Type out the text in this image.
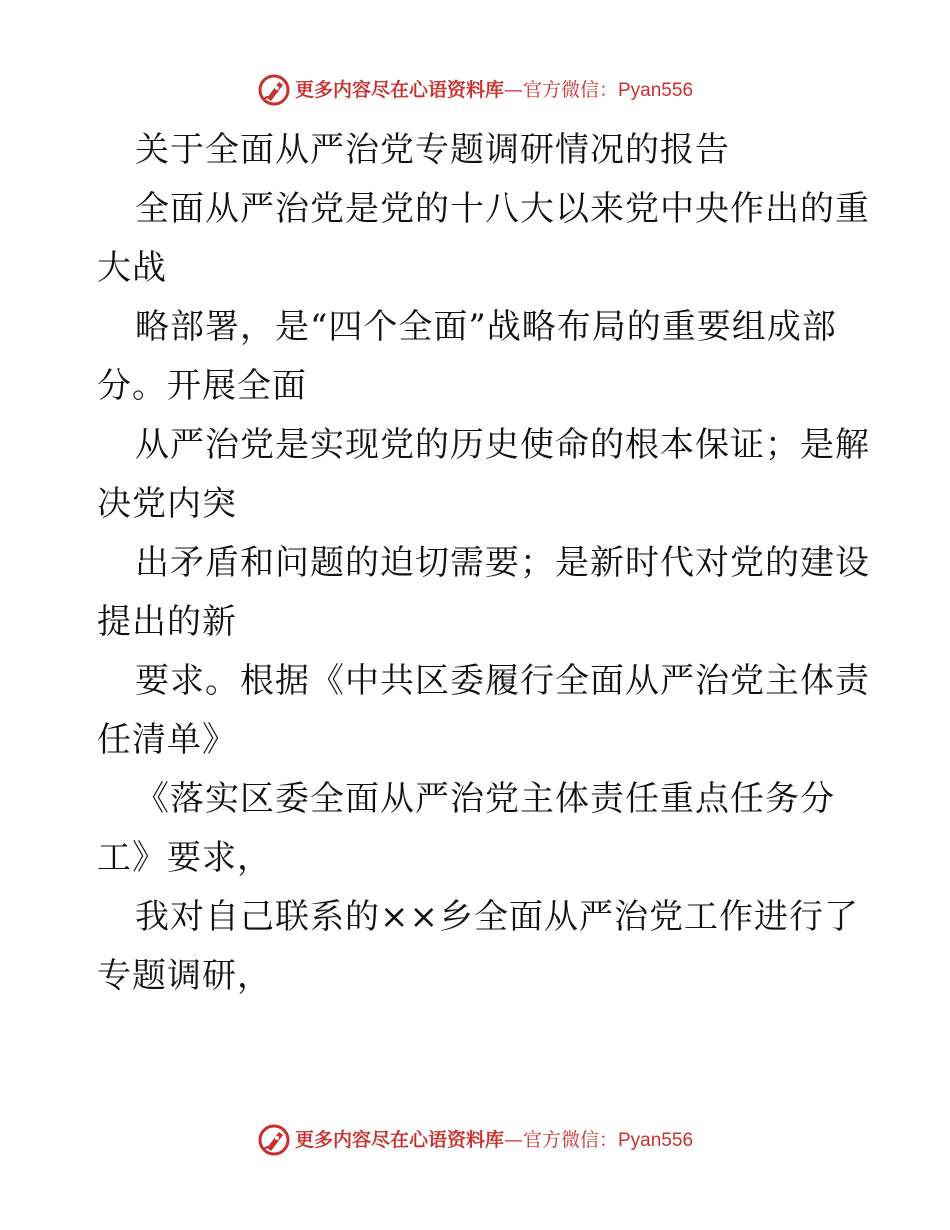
更多内容尽在心语资料库—官方微信：Pyan556
关于全面从严治党专题调研情况的报告
全面从严治党是党的十八大以来党中央作出的重
大战
略部署，是“四个全面”战略布局的重要组成部
分。开展全面
从严治党是实现党的历史使命的根本保证；是解
决党内突
出矛盾和问题的迫切需要；是新时代对党的建设
提出的新
要求。根据《中共区委履行全面从严治党主体责
任清单》
《落实区委全面从严治党主体责任重点任务分
工》要求，
我对自己联系的××乡全面从严治党工作进行了
专题调研，
更多内容尽在心语资料库—官方微信：Pyan556
